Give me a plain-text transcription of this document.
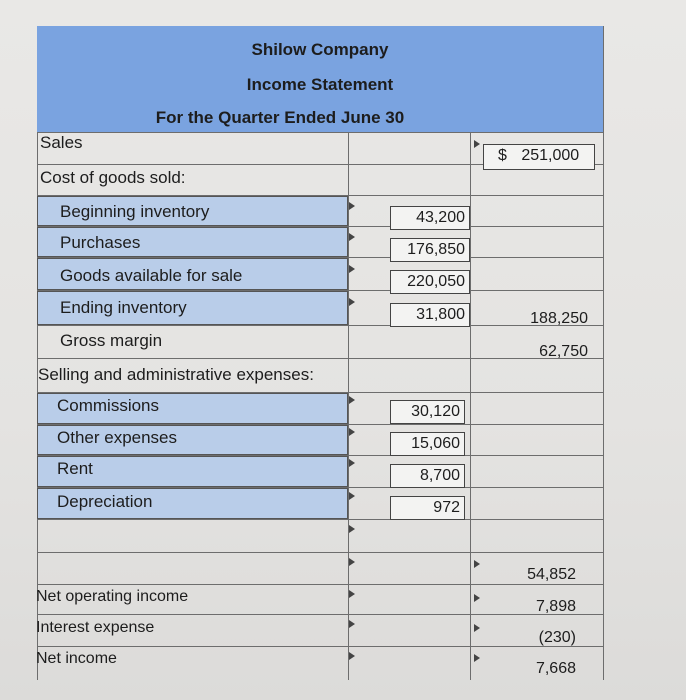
Shilow Company
Income Statement
For the Quarter Ended June 30
Sales
Cost of goods sold:
Beginning inventory
Purchases
Goods available for sale
Ending inventory
Gross margin
Selling and administrative expenses:
Commissions
Other expenses
Rent
Depreciation
Net operating income
Interest expense
Net income
43,200
176,850
220,050
31,800
30,120
15,060
8,700
972
$ 251,000
188,250
62,750
54,852
7,898
(230)
7,668
